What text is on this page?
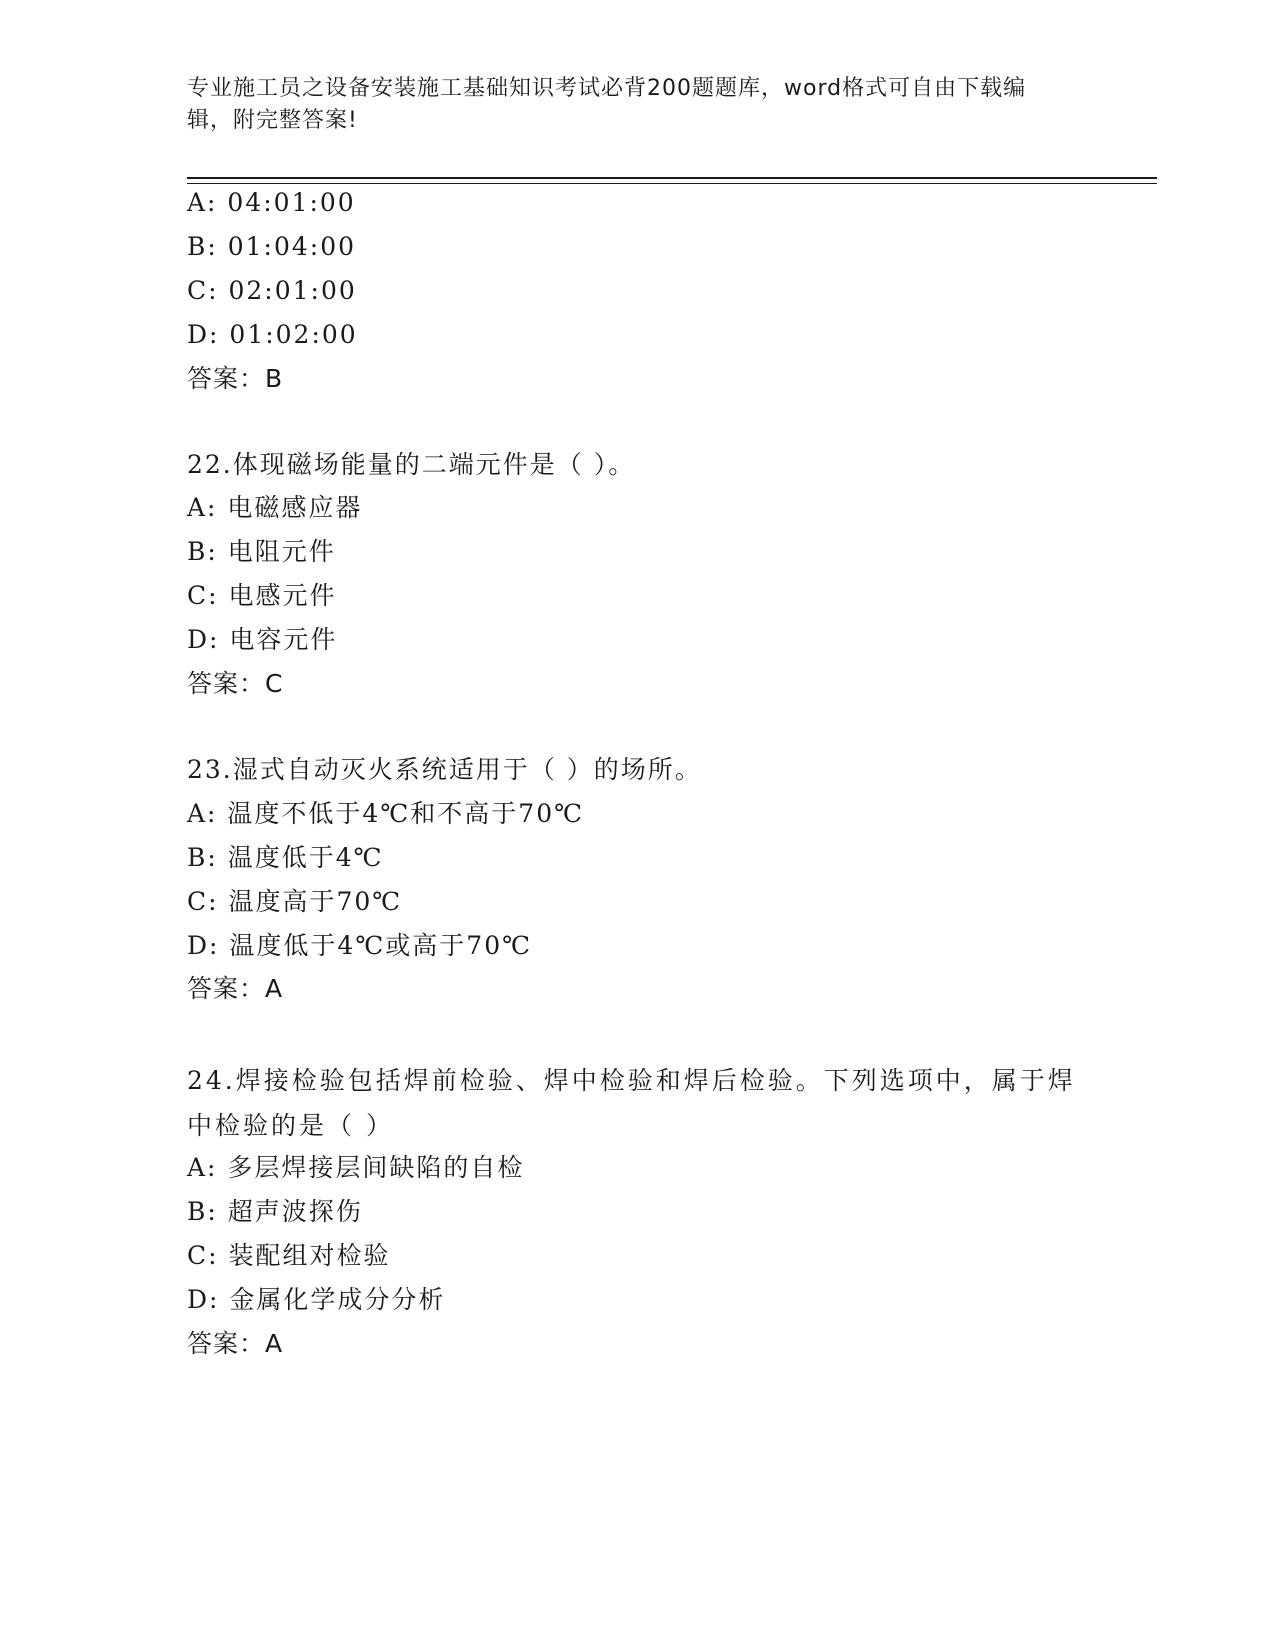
专业施工员之设备安装施工基础知识考试必背200题题库，word格式可自由下载编辑，附完整答案!
A: 04:01:00
B: 01:04:00
C: 02:01:00
D: 01:02:00
答案：B
22.体现磁场能量的二端元件是（ ）。
A: 电磁感应器
B: 电阻元件
C: 电感元件
D: 电容元件
答案：C
23.湿式自动灭火系统适用于（ ）的场所。
A: 温度不低于4℃和不高于70℃
B: 温度低于4℃
C: 温度高于70℃
D: 温度低于4℃或高于70℃
答案：A
24.焊接检验包括焊前检验、焊中检验和焊后检验。下列选项中，属于焊中检验的是（ ）
A: 多层焊接层间缺陷的自检
B: 超声波探伤
C: 装配组对检验
D: 金属化学成分分析
答案：A
